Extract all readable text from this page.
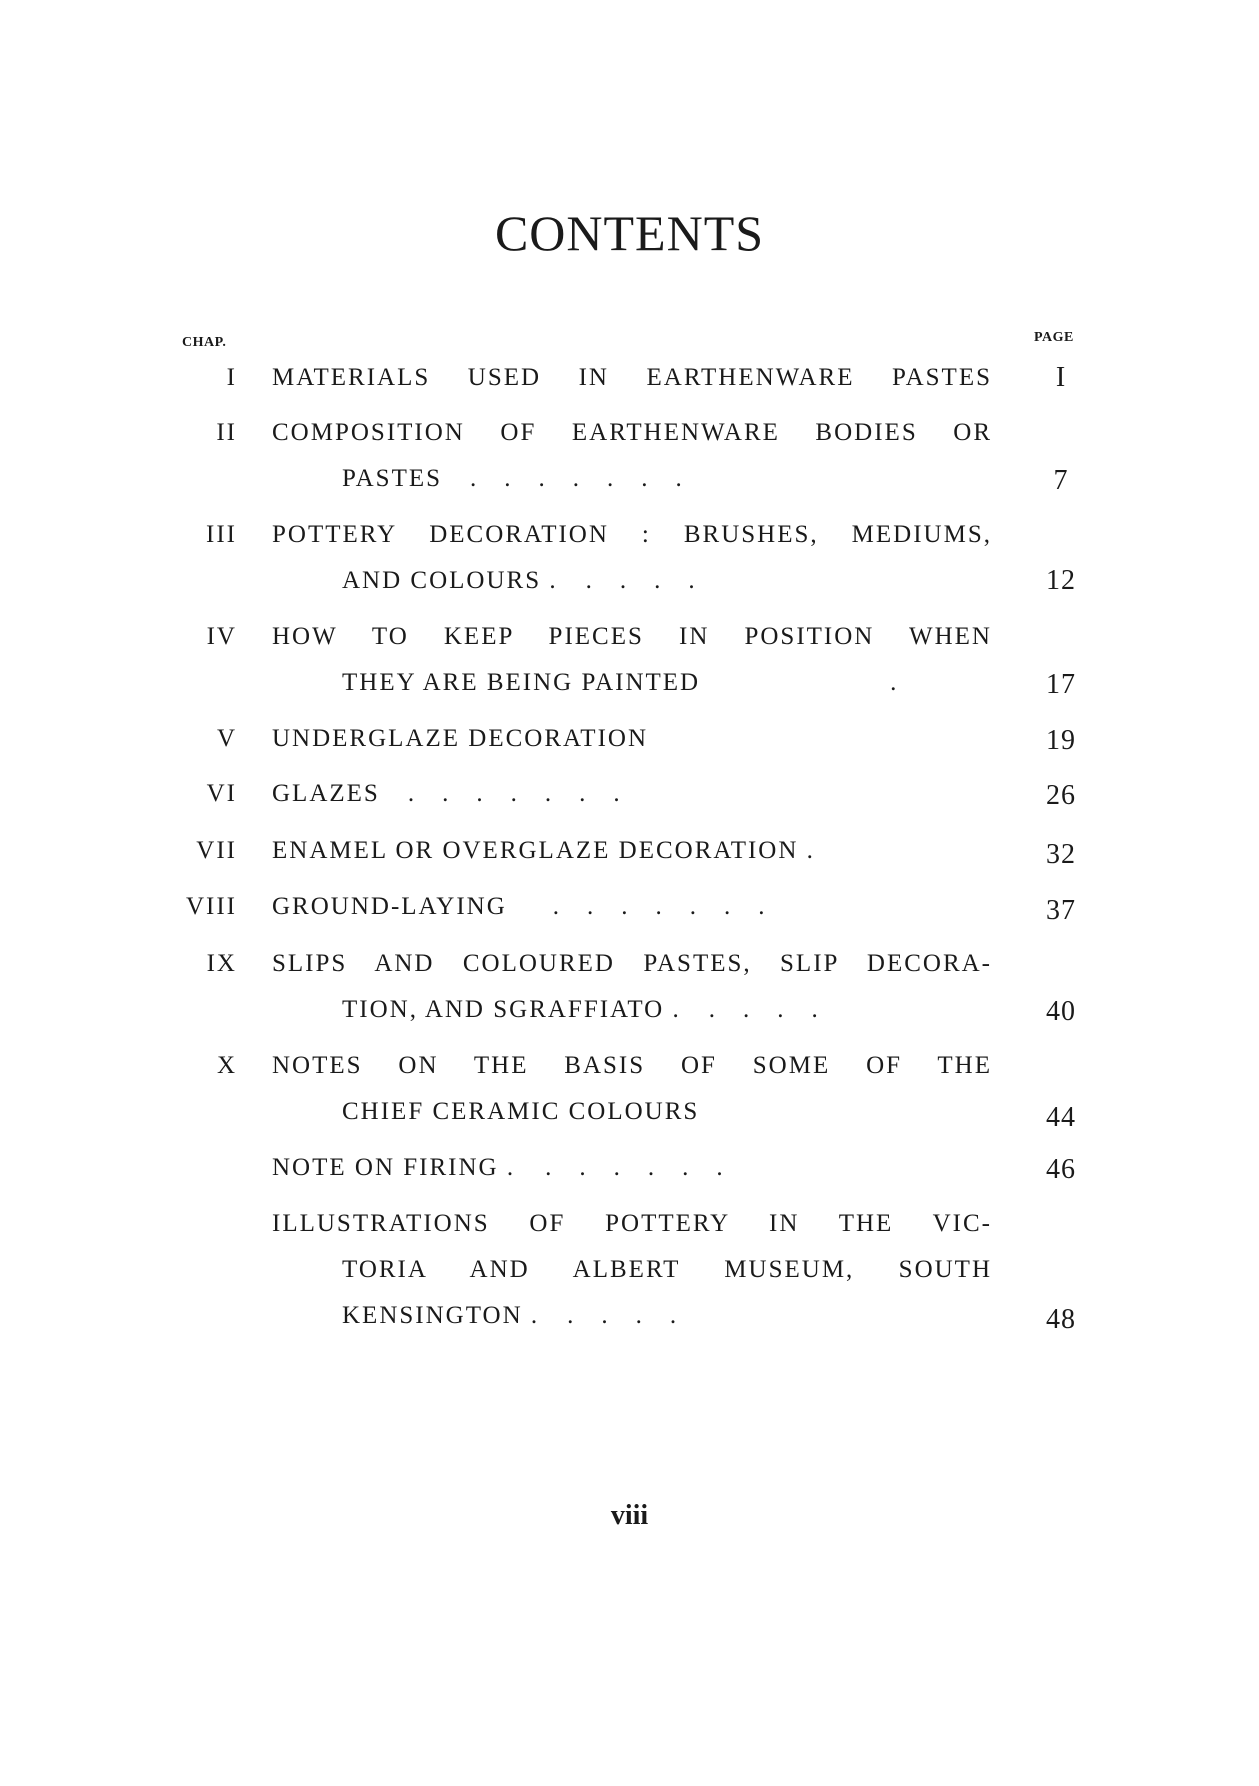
CONTENTS
CHAP.	PAGE
I MATERIALS USED IN EARTHENWARE PASTES	I
II COMPOSITION OF EARTHENWARE BODIES OR
PASTES .......	7
III POTTERY DECORATION : BRUSHES, MEDIUMS,
AND COLOURS . ....	12
IV HOW TO KEEP PIECES IN POSITION WHEN
THEY ARE BEING PAINTED	.	17
V UNDERGLAZE DECORATION	19
VI GLAZES .......	26
VII ENAMEL OR OVERGLAZE DECORATION .	32
VIII GROUND-LAYING .......	37
IX SLIPS AND COLOURED PASTES, SLIP DECORA-
TION, AND SGRAFFIATO . ....	40
X NOTES ON THE BASIS OF SOME OF THE
CHIEF CERAMIC COLOURS	44
NOTE ON FIRING . ......	46
ILLUSTRATIONS OF POTTERY IN THE VIC-
TORIA AND ALBERT MUSEUM, SOUTH
KENSINGTON . ....	48
viii
